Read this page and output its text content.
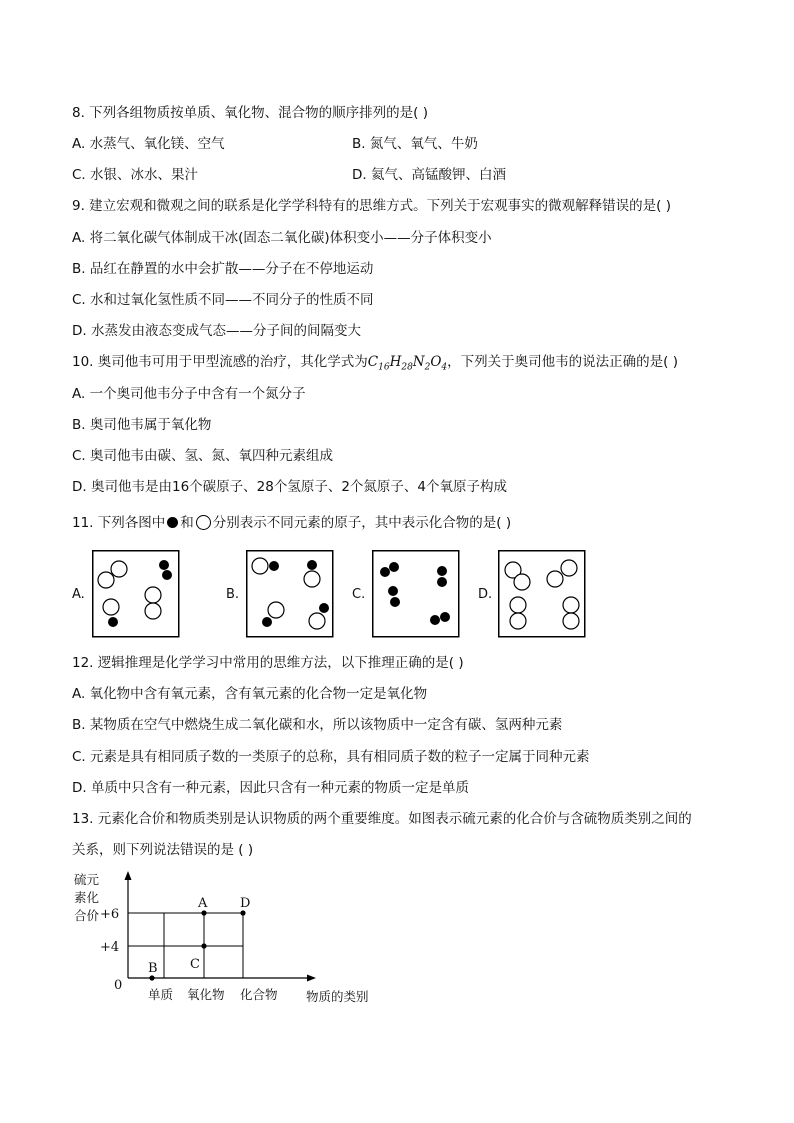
8. 下列各组物质按单质、氧化物、混合物的顺序排列的是( )
A. 水蒸气、氧化镁、空气	B. 氮气、氧气、牛奶
C. 水银、冰水、果汁	D. 氦气、高锰酸钾、白酒
9. 建立宏观和微观之间的联系是化学学科特有的思维方式。下列关于宏观事实的微观解释错误的是( )
A. 将二氧化碳气体制成干冰(固态二氧化碳)体积变小——分子体积变小
B. 品红在静置的水中会扩散——分子在不停地运动
C. 水和过氧化氢性质不同——不同分子的性质不同
D. 水蒸发由液态变成气态——分子间的间隔变大
10. 奥司他韦可用于甲型流感的治疗，其化学式为$C_{16}H_{28}N_2O_4$，下列关于奥司他韦的说法正确的是( )
A. 一个奥司他韦分子中含有一个氮分子
B. 奥司他韦属于氧化物
C. 奥司他韦由碳、氢、氮、氧四种元素组成
D. 奥司他韦是由16个碳原子、28个氢原子、2个氮原子、4个氧原子构成
11. 下列各图中 和 分别表示不同元素的原子，其中表示化合物的是( )
A.	B.	C.	D.
12. 逻辑推理是化学学习中常用的思维方法，以下推理正确的是( )
A. 氧化物中含有氧元素，含有氧元素的化合物一定是氧化物
B. 某物质在空气中燃烧生成二氧化碳和水，所以该物质中一定含有碳、氢两种元素
C. 元素是具有相同质子数的一类原子的总称，具有相同质子数的粒子一定属于同种元素
D. 单质中只含有一种元素，因此只含有一种元素的物质一定是单质
13. 元素化合价和物质类别是认识物质的两个重要维度。如图表示硫元素的化合价与含硫物质类别之间的
关系，则下列说法错误的是 ( )
硫元
素化
合价 +6
+4
0
A
B C
D
单质 氧化物 化合物 物质的类别
